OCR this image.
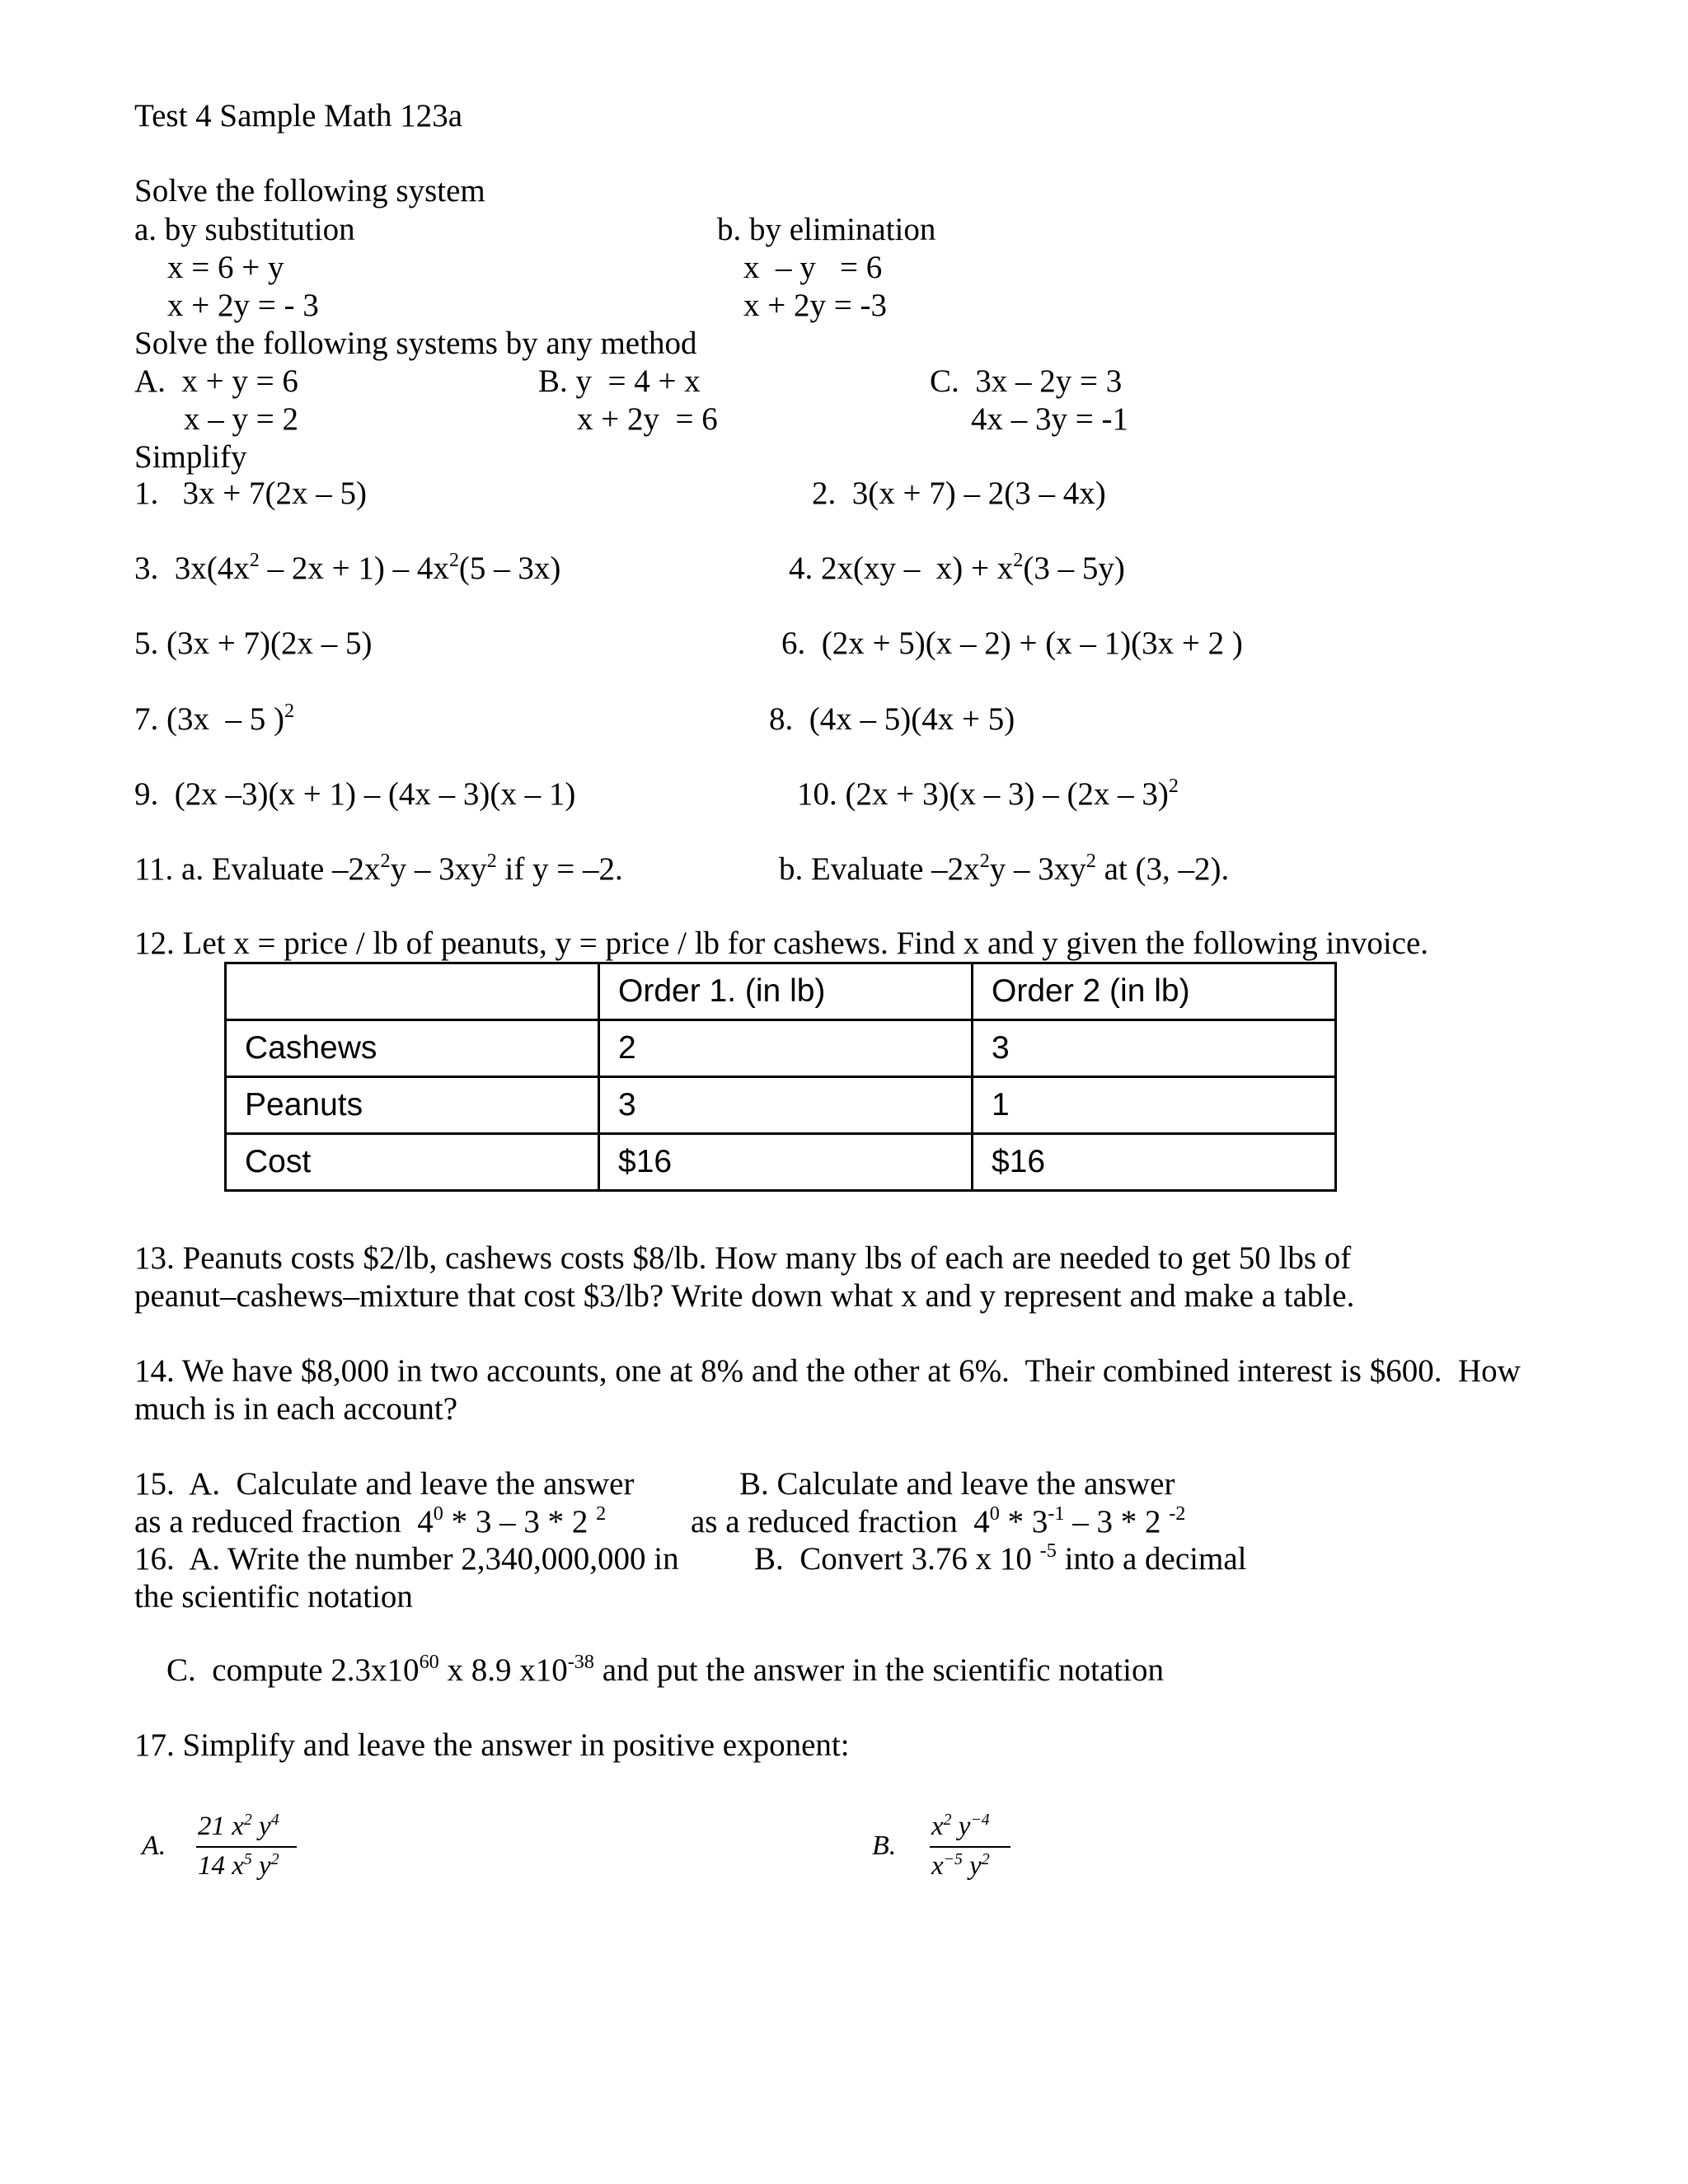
Test 4 Sample Math 123a
Solve the following system
a. by substitution
x = 6 + y
x + 2y = - 3
b. by elimination
x  – y   = 6
x + 2y = -3
Solve the following systems by any method
A.  x + y = 6
x – y = 2
B. y  = 4 + x
x + 2y  = 6
C.  3x – 2y = 3
4x – 3y = -1
Simplify
1.   3x + 7(2x – 5)	2.  3(x + 7) – 2(3 – 4x)
3.  $3x(4x^2 - 2x + 1) - 4x^2(5 - 3x)$	4. $2x(xy - x) + x^2(3 - 5y)$
5. (3x + 7)(2x – 5)	6.  (2x + 5)(x – 2) + (x – 1)(3x + 2 )
7. (3x  – 5 )$^2$	8.  (4x – 5)(4x + 5)
9.  (2x –3)(x + 1) – (4x – 3)(x – 1)	10. (2x + 3)(x – 3) – (2x – 3)$^2$
11. a. Evaluate $-2x^2y - 3xy^2$ if y = –2.	b. Evaluate $-2x^2y - 3xy^2$ at (3, –2).
12. Let x = price / lb of peanuts, y = price / lb for cashews. Find x and y given the following invoice.
	Order 1. (in lb)	Order 2 (in lb)
Cashews	2	3
Peanuts	3	1
Cost	$16	$16
13. Peanuts costs $2/lb, cashews costs $8/lb. How many lbs of each are needed to get 50 lbs of
peanut–cashews–mixture that cost $3/lb? Write down what x and y represent and make a table.
14. We have $8,000 in two accounts, one at 8% and the other at 6%.  Their combined interest is $600.  How
much is in each account?
15.  A.  Calculate and leave the answer
as a reduced fraction  $4^0 * 3 - 3 * 2$ $^2$
B. Calculate and leave the answer
as a reduced fraction  $4^0 * 3^{-1} - 3 * 2$ $^{-2}$
16.  A. Write the number 2,340,000,000 in
the scientific notation
B.  Convert 3.76 x 10 $^{-5}$ into a decimal
C.  compute $2.3x10^{60}$ x 8.9 $x10^{-38}$ and put the answer in the scientific notation
17. Simplify and leave the answer in positive exponent:
A.
21 $x^2$ $y^4$
14 $x^5$ $y^2$	B.
$x^2$ $y^{-4}$
$x^{-5}$ $y^2$
